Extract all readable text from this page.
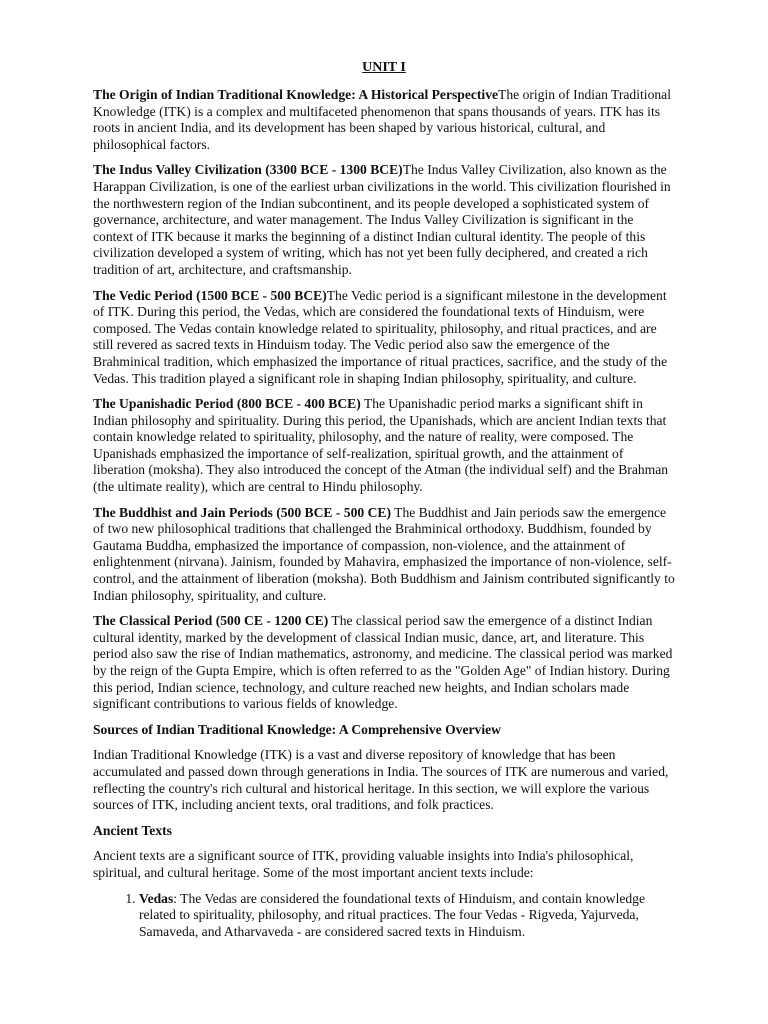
UNIT I

The Origin of Indian Traditional Knowledge: A Historical PerspectiveThe origin of Indian Traditional Knowledge (ITK) is a complex and multifaceted phenomenon that spans thousands of years. ITK has its roots in ancient India, and its development has been shaped by various historical, cultural, and philosophical factors.

The Indus Valley Civilization (3300 BCE - 1300 BCE)The Indus Valley Civilization, also known as the Harappan Civilization, is one of the earliest urban civilizations in the world. This civilization flourished in the northwestern region of the Indian subcontinent, and its people developed a sophisticated system of governance, architecture, and water management. The Indus Valley Civilization is significant in the context of ITK because it marks the beginning of a distinct Indian cultural identity. The people of this civilization developed a system of writing, which has not yet been fully deciphered, and created a rich tradition of art, architecture, and craftsmanship.

The Vedic Period (1500 BCE - 500 BCE)The Vedic period is a significant milestone in the development of ITK. During this period, the Vedas, which are considered the foundational texts of Hinduism, were composed. The Vedas contain knowledge related to spirituality, philosophy, and ritual practices, and are still revered as sacred texts in Hinduism today. The Vedic period also saw the emergence of the Brahminical tradition, which emphasized the importance of ritual practices, sacrifice, and the study of the Vedas. This tradition played a significant role in shaping Indian philosophy, spirituality, and culture.

The Upanishadic Period (800 BCE - 400 BCE) The Upanishadic period marks a significant shift in Indian philosophy and spirituality. During this period, the Upanishads, which are ancient Indian texts that contain knowledge related to spirituality, philosophy, and the nature of reality, were composed. The Upanishads emphasized the importance of self-realization, spiritual growth, and the attainment of liberation (moksha). They also introduced the concept of the Atman (the individual self) and the Brahman (the ultimate reality), which are central to Hindu philosophy.

The Buddhist and Jain Periods (500 BCE - 500 CE) The Buddhist and Jain periods saw the emergence of two new philosophical traditions that challenged the Brahminical orthodoxy. Buddhism, founded by Gautama Buddha, emphasized the importance of compassion, non-violence, and the attainment of enlightenment (nirvana). Jainism, founded by Mahavira, emphasized the importance of non-violence, self-control, and the attainment of liberation (moksha). Both Buddhism and Jainism contributed significantly to Indian philosophy, spirituality, and culture.

The Classical Period (500 CE - 1200 CE) The classical period saw the emergence of a distinct Indian cultural identity, marked by the development of classical Indian music, dance, art, and literature. This period also saw the rise of Indian mathematics, astronomy, and medicine. The classical period was marked by the reign of the Gupta Empire, which is often referred to as the "Golden Age" of Indian history. During this period, Indian science, technology, and culture reached new heights, and Indian scholars made significant contributions to various fields of knowledge.

Sources of Indian Traditional Knowledge: A Comprehensive Overview

Indian Traditional Knowledge (ITK) is a vast and diverse repository of knowledge that has been accumulated and passed down through generations in India. The sources of ITK are numerous and varied, reflecting the country's rich cultural and historical heritage. In this section, we will explore the various sources of ITK, including ancient texts, oral traditions, and folk practices.

Ancient Texts

Ancient texts are a significant source of ITK, providing valuable insights into India's philosophical, spiritual, and cultural heritage. Some of the most important ancient texts include:

1. Vedas: The Vedas are considered the foundational texts of Hinduism, and contain knowledge related to spirituality, philosophy, and ritual practices. The four Vedas - Rigveda, Yajurveda, Samaveda, and Atharvaveda - are considered sacred texts in Hinduism.
